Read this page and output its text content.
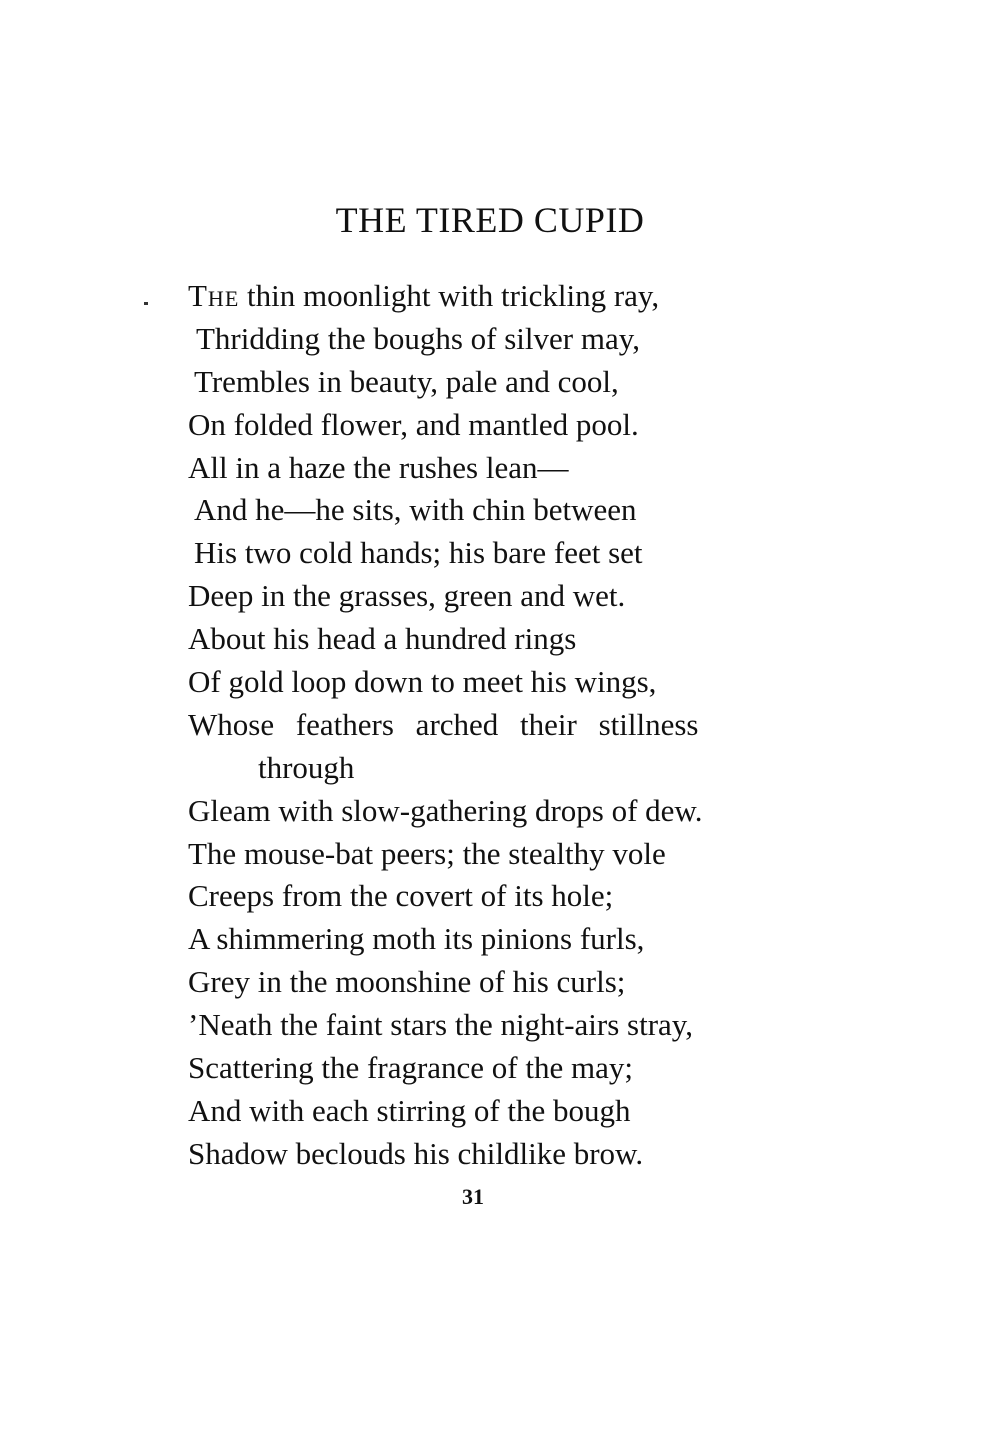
THE TIRED CUPID
The thin moonlight with trickling ray,
Thridding the boughs of silver may,
Trembles in beauty, pale and cool,
On folded flower, and mantled pool.
All in a haze the rushes lean—
And he—he sits, with chin between
His two cold hands; his bare feet set
Deep in the grasses, green and wet.
About his head a hundred rings
Of gold loop down to meet his wings,
Whose feathers arched their stillness
through
Gleam with slow-gathering drops of dew.
The mouse-bat peers; the stealthy vole
Creeps from the covert of its hole;
A shimmering moth its pinions furls,
Grey in the moonshine of his curls;
’Neath the faint stars the night-airs stray,
Scattering the fragrance of the may;
And with each stirring of the bough
Shadow beclouds his childlike brow.
31
